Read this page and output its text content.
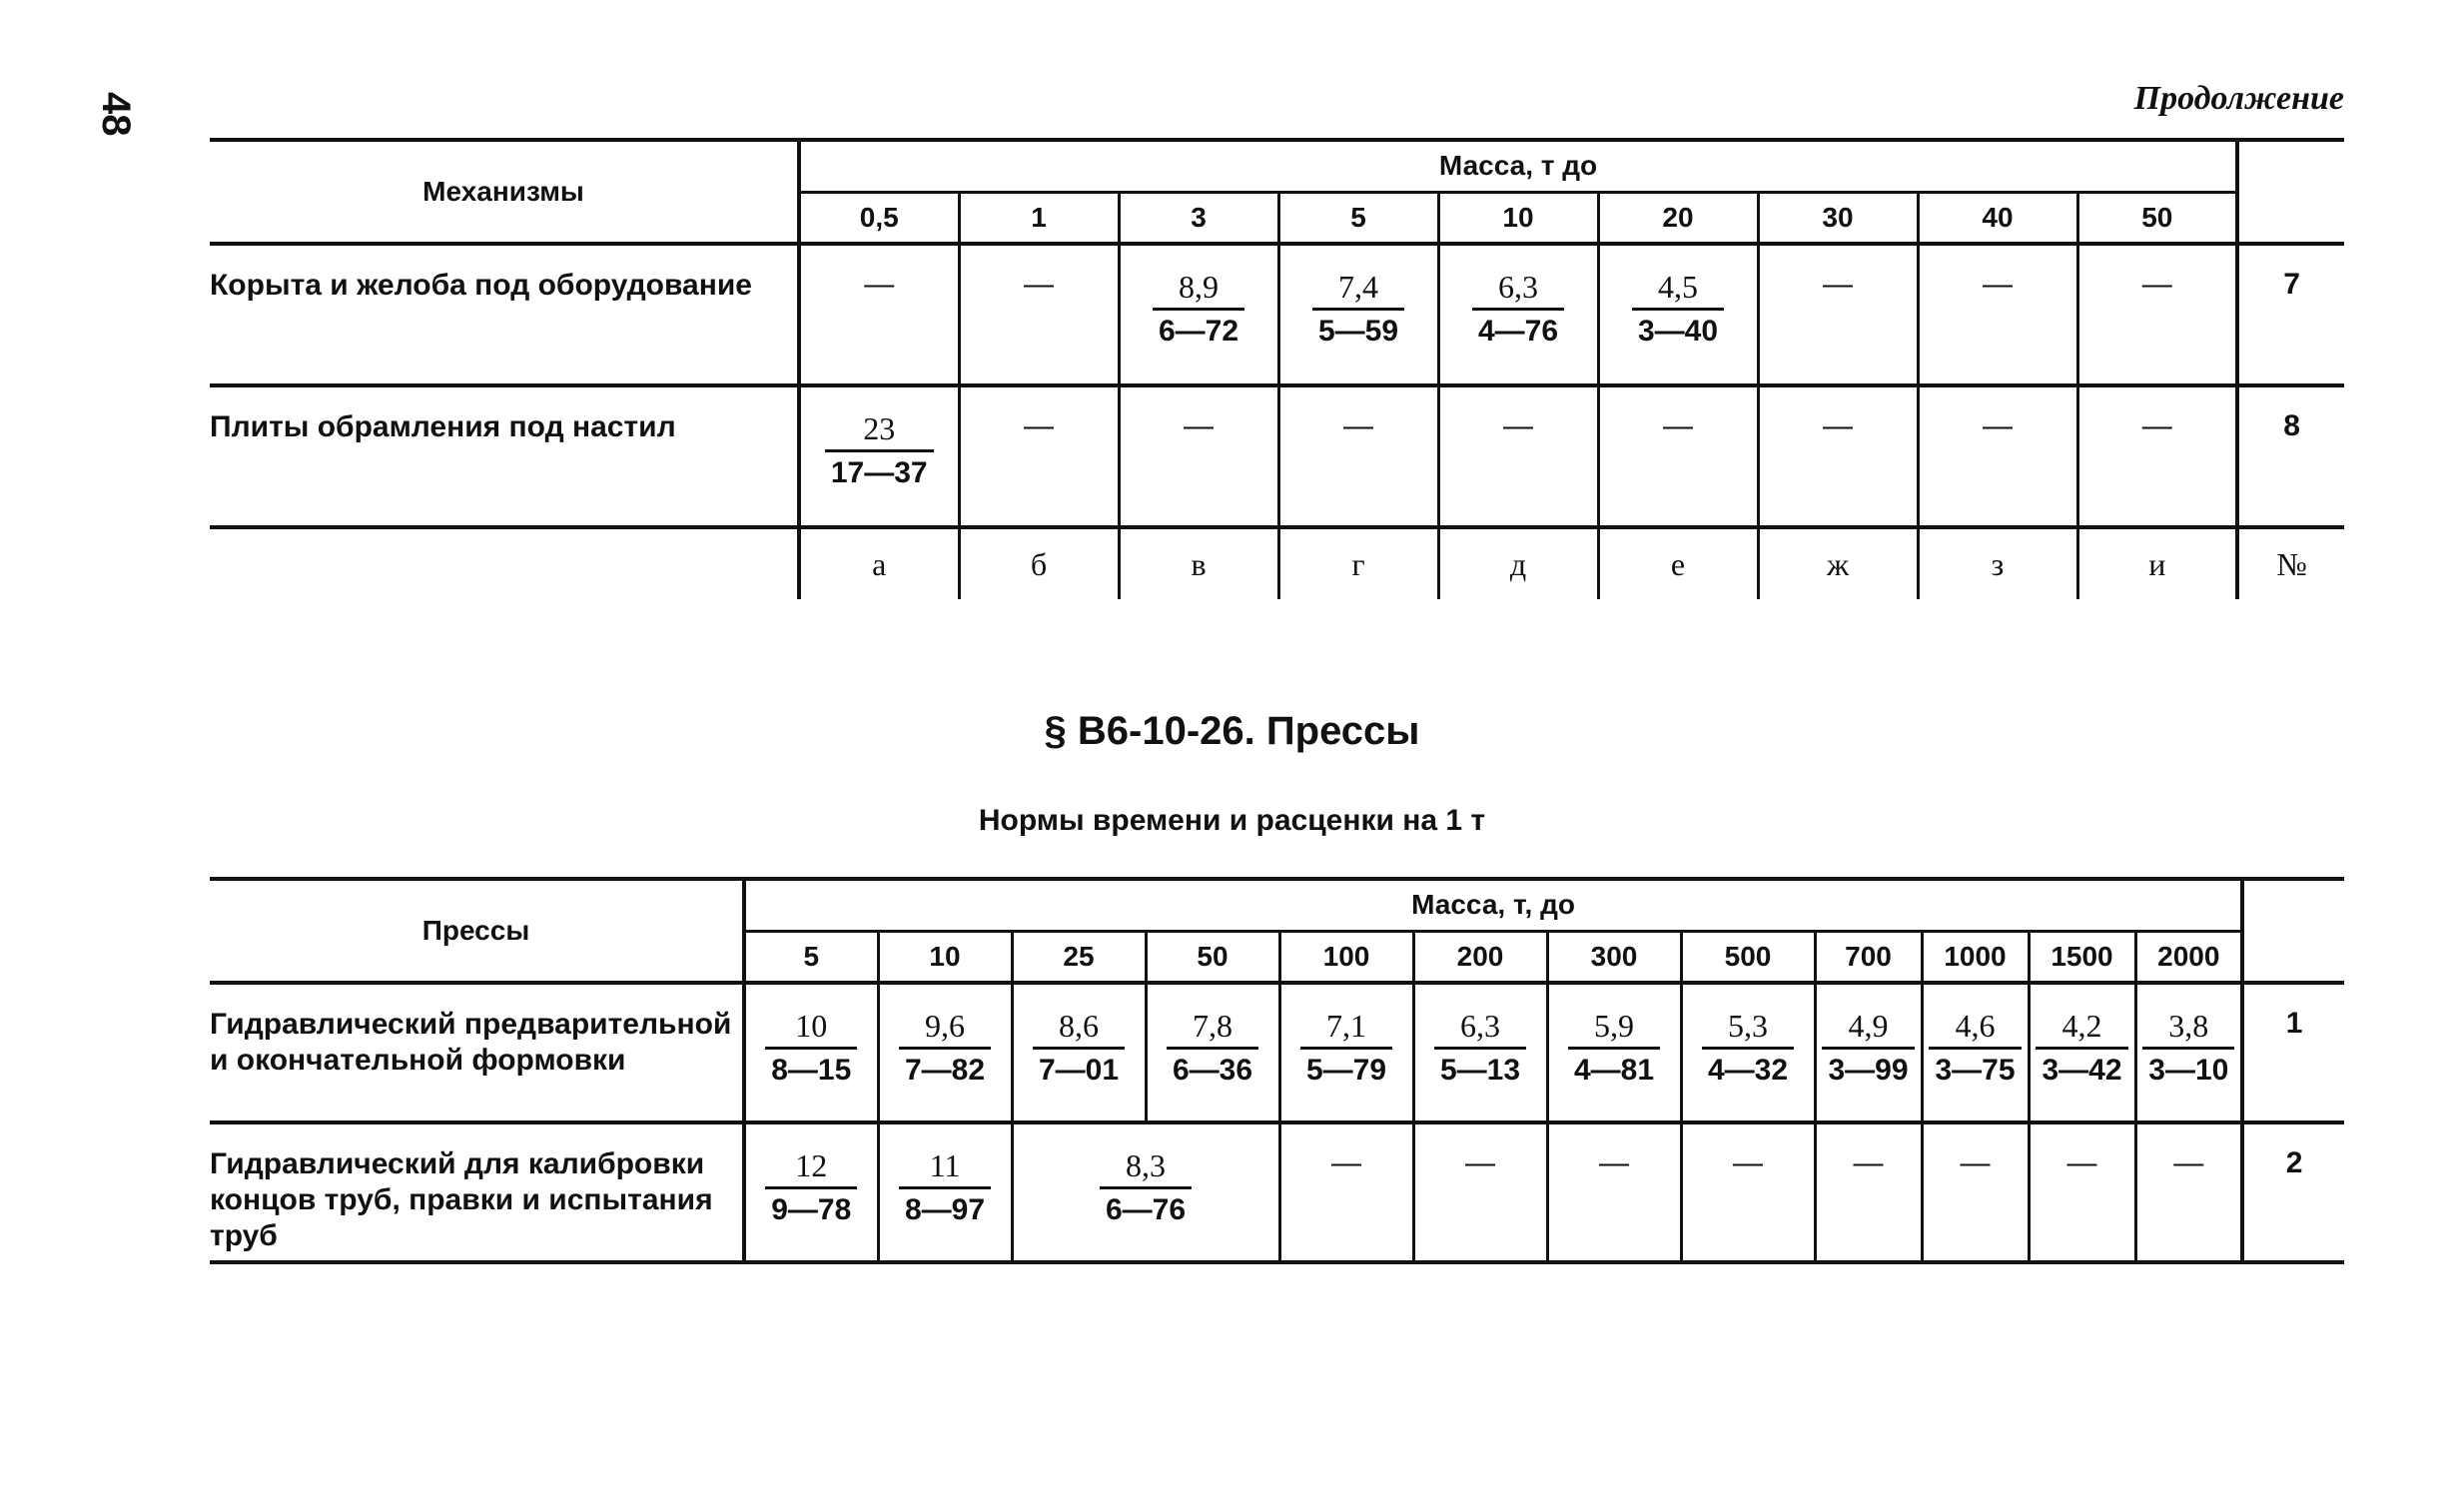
48	Продолжение
Механизмы	Масса, т до									
	0,5	1	3	5	10	20	30	40	50	
Корыта и желоба под оборудование	—	—	$\frac{8,9}{6—72}$	$\frac{7,4}{5—59}$	$\frac{6,3}{4—76}$	$\frac{4,5}{3—40}$	—	—	—	7
Плиты обрамления под настил	$\frac{23}{17—37}$	—	—	—	—	—	—	—	—	8
	а	б	в	г	д	е	ж	з	и	№
§ В6-10-26. Прессы
Нормы времени и расценки на 1 т
Прессы	Масса, т, до												
	5	10	25	50	100	200	300	500	700	1000	1500	2000	
Гидравлический предварительной и окончательной формовки	$\frac{10}{8—15}$	$\frac{9,6}{7—82}$	$\frac{8,6}{7—01}$	$\frac{7,8}{6—36}$	$\frac{7,1}{5—79}$	$\frac{6,3}{5—13}$	$\frac{5,9}{4—81}$	$\frac{5,3}{4—32}$	$\frac{4,9}{3—99}$	$\frac{4,6}{3—75}$	$\frac{4,2}{3—42}$	$\frac{3,8}{3—10}$	1
Гидравлический для калибровки концов труб, правки и испытания труб	$\frac{12}{9—78}$	$\frac{11}{8—97}$	$\frac{8,3}{6—76}$		—	—	—	—	—	—	—	—	2
